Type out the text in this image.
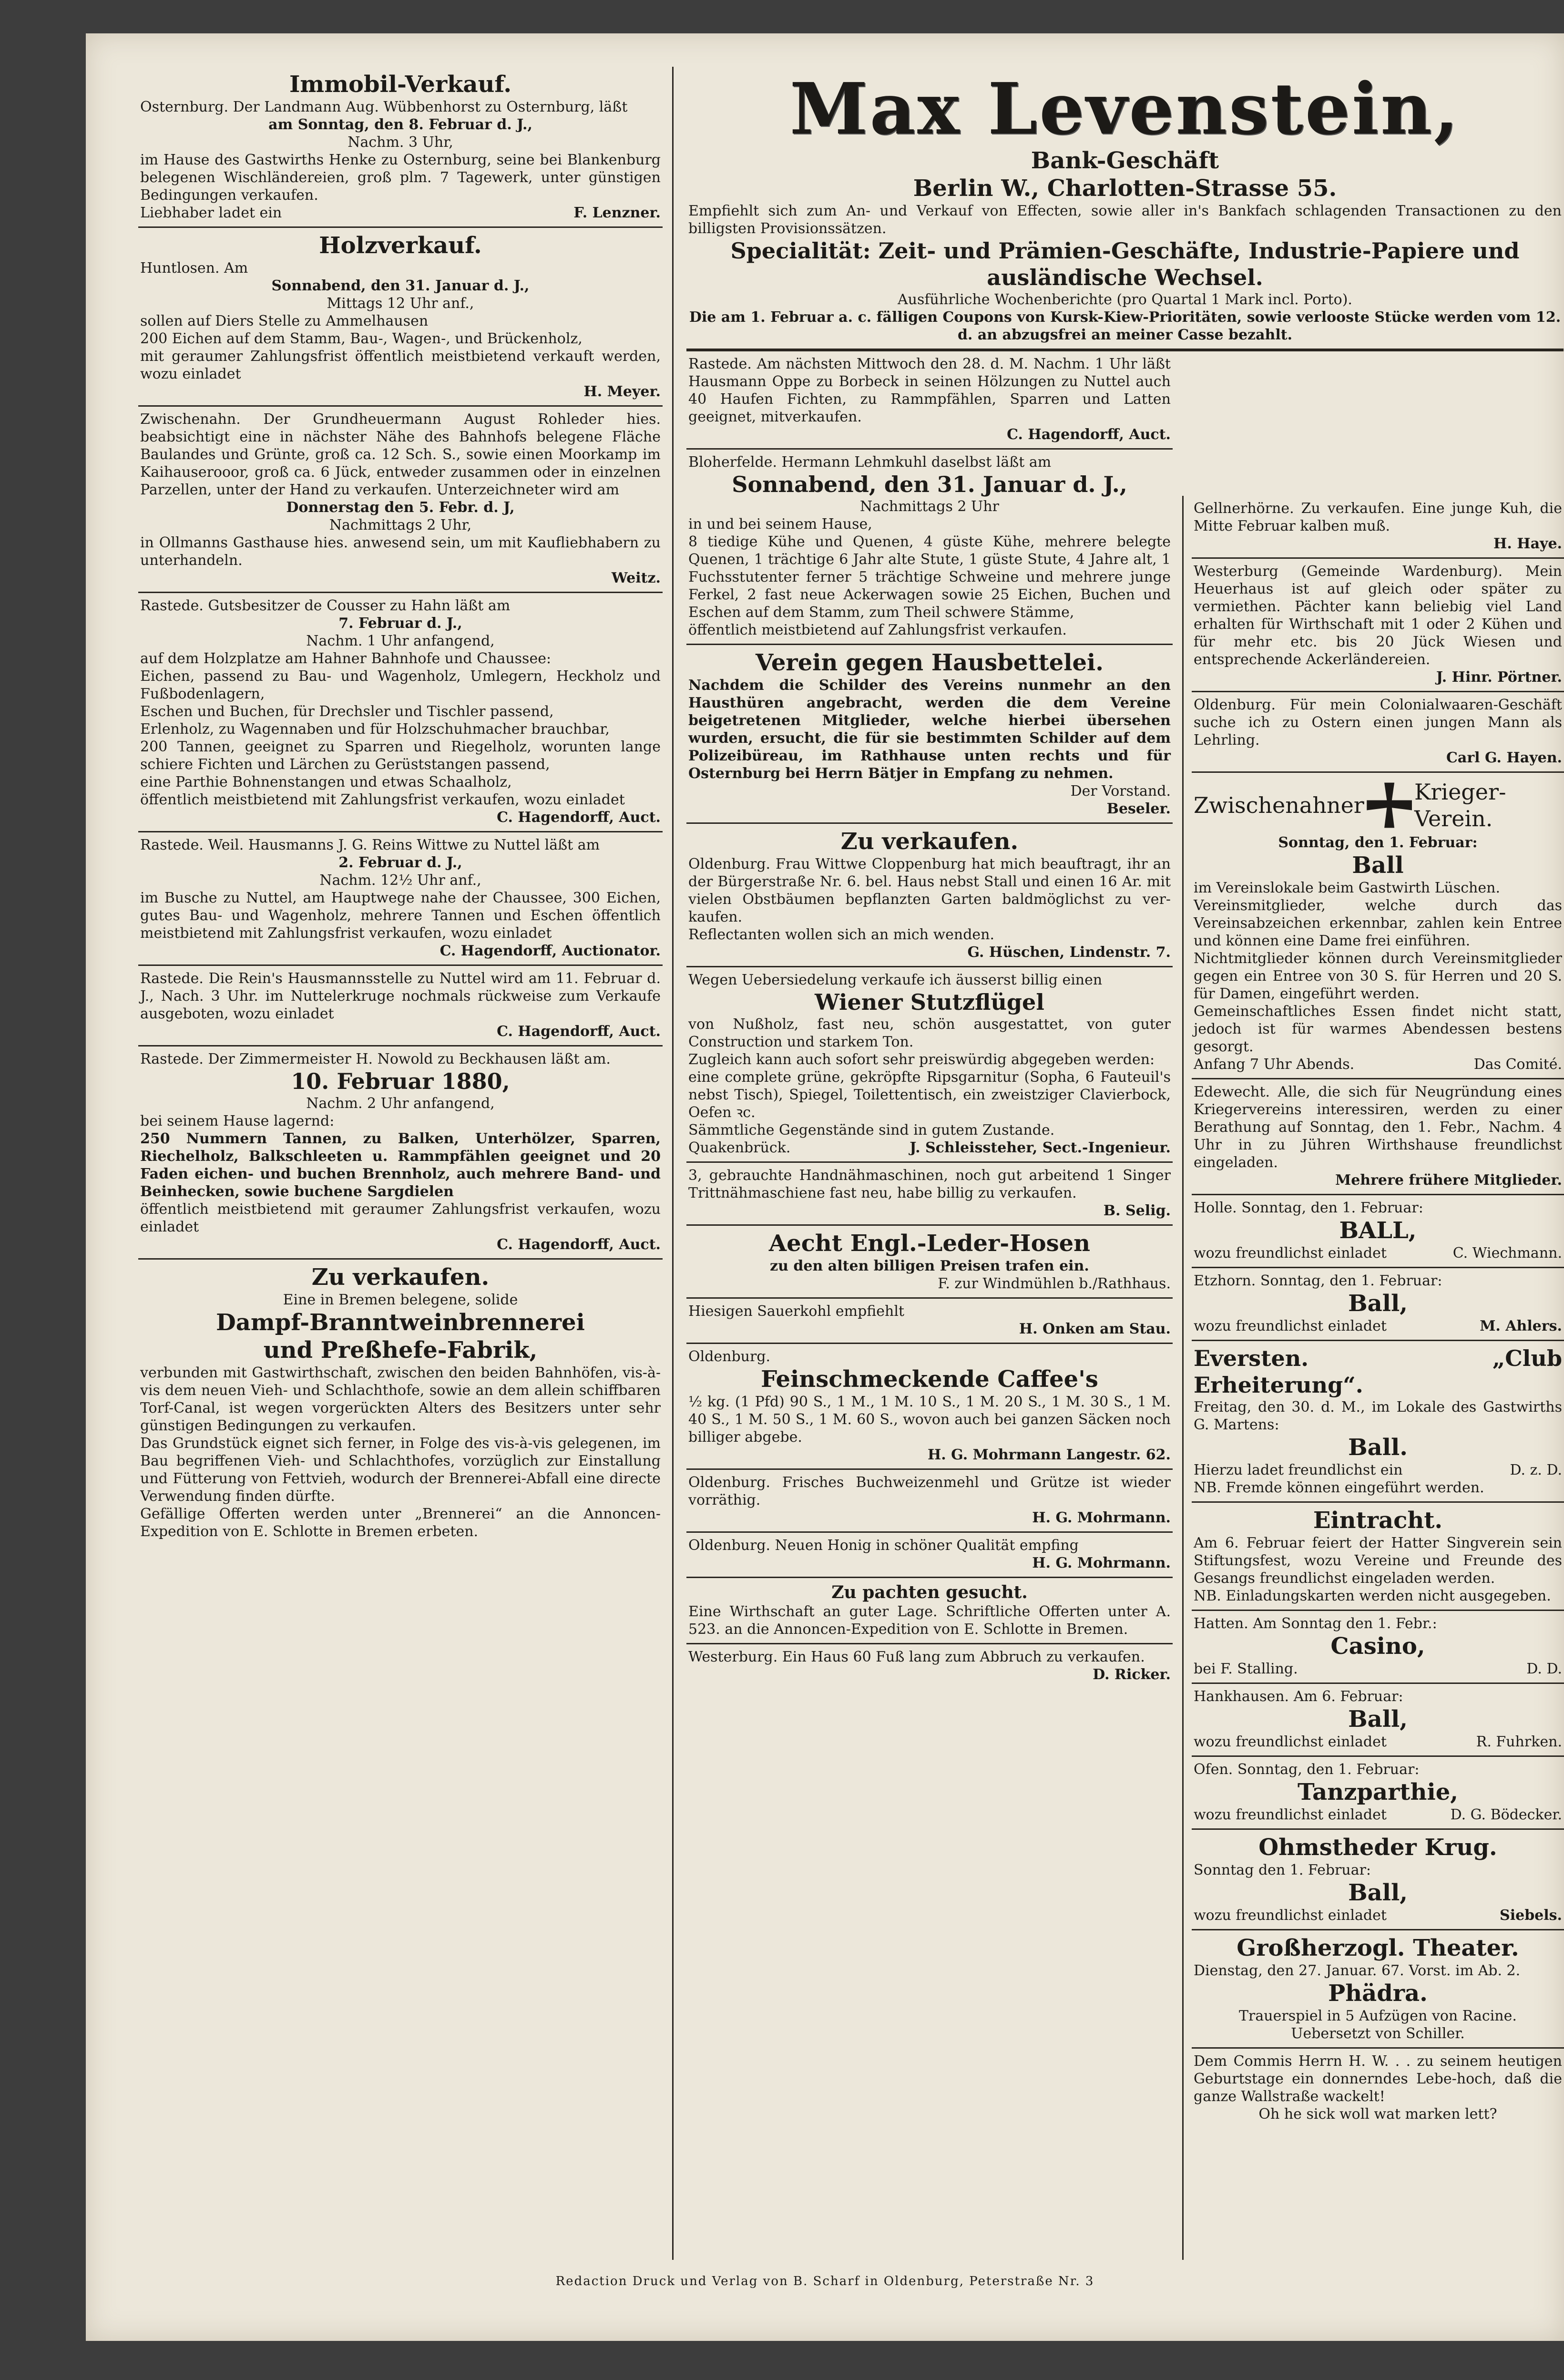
Immobil-Verkauf.

Osternburg. Der Landmann Aug. Wübbenhorst zu Osternburg, läßt

am Sonntag, den 8. Februar d. J.,

Nachm. 3 Uhr,

im Hause des Gastwirths Henke zu Osternburg, seine bei Blankenburg belegenen Wischländereien, groß plm. 7 Tagewerk, unter günstigen Bedingungen verkaufen.

Liebhaber ladet ein	F. Lenzner.

Holzverkauf.

Huntlosen. Am

Sonnabend, den 31. Januar d. J.,

Mittags 12 Uhr anf.,

sollen auf Diers Stelle zu Ammelhausen

200 Eichen auf dem Stamm, Bau-, Wagen-, und Brückenholz,

mit geraumer Zahlungsfrist öffentlich meistbietend verkauft werden, wozu einladet

H. Meyer.

Zwischenahn. Der Grundheuermann August Rohleder hies. beabsichtigt eine in nächster Nähe des Bahnhofs belegene Fläche Baulandes und Grünte, groß ca. 12 Sch. S., sowie einen Moorkamp im Kaihauserooor, groß ca. 6 Jück, entweder zusammen oder in einzelnen Parzellen, unter der Hand zu verkaufen. Unterzeichneter wird am

Donnerstag den 5. Febr. d. J,

Nachmittags 2 Uhr,

in Ollmanns Gasthause hies. anwesend sein, um mit Kaufliebhabern zu unterhandeln.

Weitz.

Rastede. Gutsbesitzer de Cousser zu Hahn läßt am

7. Februar d. J.,

Nachm. 1 Uhr anfangend,

auf dem Holzplatze am Hahner Bahnhofe und Chaussee:

Eichen, passend zu Bau- und Wagenholz, Umlegern, Heckholz und Fußbodenlagern,

Eschen und Buchen, für Drechsler und Tischler passend,

Erlenholz, zu Wagennaben und für Holzschuhmacher brauchbar,

200 Tannen, geeignet zu Sparren und Riegelholz, worunten lange schiere Fichten und Lärchen zu Gerüststangen passend,

eine Parthie Bohnenstangen und etwas Schaalholz,

öffentlich meistbietend mit Zahlungsfrist verkaufen, wozu einladet

C. Hagendorff, Auct.

Rastede. Weil. Hausmanns J. G. Reins Wittwe zu Nuttel läßt am

2. Februar d. J.,

Nachm. 12½ Uhr anf.,

im Busche zu Nuttel, am Hauptwege nahe der Chaussee, 300 Eichen, gutes Bau- und Wagenholz, mehrere Tannen und Eschen öffentlich meistbietend mit Zahlungsfrist verkaufen, wozu einladet

C. Hagendorff, Auctionator.

Rastede. Die Rein's Hausmannsstelle zu Nuttel wird am 11. Februar d. J., Nach. 3 Uhr. im Nuttelerkruge nochmals rückweise zum Verkaufe ausgeboten, wozu einladet

C. Hagendorff, Auct.

Rastede. Der Zimmermeister H. Nowold zu Beckhausen läßt am.

10. Februar 1880,

Nachm. 2 Uhr anfangend,

bei seinem Hause lagernd:

250 Nummern Tannen, zu Balken, Unterhölzer, Sparren, Riechelholz, Balkschleeten u. Rammpfählen geeignet und 20 Faden eichen- und buchen Brennholz, auch mehrere Band- und Beinhecken, sowie buchene Sargdielen

öffentlich meistbietend mit geraumer Zahlungsfrist verkaufen, wozu einladet

C. Hagendorff, Auct.

Zu verkaufen.

Eine in Bremen belegene, solide

Dampf-Branntweinbrennerei

und Preßhefe-Fabrik,

verbunden mit Gastwirthschaft, zwischen den beiden Bahnhöfen, vis-à-vis dem neuen Vieh- und Schlachthofe, sowie an dem allein schiffbaren Torf-Canal, ist wegen vorgerückten Alters des Besitzers unter sehr günstigen Bedingungen zu verkaufen.

Das Grundstück eignet sich ferner, in Folge des vis-à-vis gelegenen, im Bau begriffenen Vieh- und Schlachthofes, vorzüglich zur Einstallung und Fütterung von Fettvieh, wodurch der Brennerei-Abfall eine directe Verwendung finden dürfte.

Gefällige Offerten werden unter „Brennerei“ an die Annoncen-Expedition von E. Schlotte in Bremen erbeten.

Max Levenstein,

Bank-Geschäft

Berlin W., Charlotten-Strasse 55.

Empfiehlt sich zum An- und Verkauf von Effecten, sowie aller in's Bankfach schlagenden Transactionen zu den billigsten Provisionssätzen.

Specialität: Zeit- und Prämien-Geschäfte, Industrie-Papiere und ausländische Wechsel.

Ausführliche Wochenberichte (pro Quartal 1 Mark incl. Porto).

Die am 1. Februar a. c. fälligen Coupons von Kursk-Kiew-Prioritäten, sowie verlooste Stücke werden vom 12. d. an abzugsfrei an meiner Casse bezahlt.

Rastede. Am nächsten Mittwoch den 28. d. M. Nachm. 1 Uhr läßt Hausmann Oppe zu Borbeck in seinen Hölzungen zu Nuttel auch 40 Haufen Fichten, zu Rammpfählen, Sparren und Latten geeignet, mitverkaufen.

C. Hagendorff, Auct.

Bloherfelde. Hermann Lehmkuhl daselbst läßt am

Sonnabend, den 31. Januar d. J.,

Nachmittags 2 Uhr

in und bei seinem Hause,

8 tiedige Kühe und Quenen, 4 güste Kühe, mehrere belegte Quenen, 1 trächtige 6 Jahr alte Stute, 1 güste Stute, 4 Jahre alt, 1 Fuchsstutenter ferner 5 trächtige Schweine und mehrere junge Ferkel, 2 fast neue Ackerwagen sowie 25 Eichen, Buchen und Eschen auf dem Stamm, zum Theil schwere Stämme,

öffentlich meistbietend auf Zahlungsfrist verkaufen.

Verein gegen Hausbettelei.

Nachdem die Schilder des Vereins nunmehr an den Hausthüren angebracht, werden die dem Vereine beigetretenen Mitglieder, welche hierbei übersehen wurden, ersucht, die für sie bestimmten Schilder auf dem Polizeibüreau, im Rathhause unten rechts und für Osternburg bei Herrn Bätjer in Empfang zu nehmen.

Der Vorstand.

Beseler.

Zu verkaufen.

Oldenburg. Frau Wittwe Cloppenburg hat mich beauftragt, ihr an der Bürgerstraße Nr. 6. bel. Haus nebst Stall und einen 16 Ar. mit vielen Obstbäumen bepflanzten Garten baldmöglichst zu verkaufen.

Reflectanten wollen sich an mich wenden.

G. Hüschen, Lindenstr. 7.

Wegen Uebersiedelung verkaufe ich äusserst billig einen

Wiener Stutzflügel

von Nußholz, fast neu, schön ausgestattet, von guter Construction und starkem Ton.

Zugleich kann auch sofort sehr preiswürdig abgegeben werden:

eine complete grüne, gekröpfte Ripsgarnitur (Sopha, 6 Fauteuil's nebst Tisch), Spiegel, Toilettentisch, ein zweistziger Clavierbock, Oefen ꝛc.

Sämmtliche Gegenstände sind in gutem Zustande.

Quakenbrück.	J. Schleissteher, Sect.-Ingenieur.

3, gebrauchte Handnähmaschinen, noch gut arbeitend 1 Singer Trittnähmaschiene fast neu, habe billig zu verkaufen.

B. Selig.

Aecht Engl.-Leder-Hosen

zu den alten billigen Preisen trafen ein.

F. zur Windmühlen b./Rathhaus.

Hiesigen Sauerkohl empfiehlt

H. Onken am Stau.

Oldenburg.

Feinschmeckende Caffee's

½ kg. (1 Pfd) 90 S., 1 M., 1 M. 10 S., 1 M. 20 S., 1 M. 30 S., 1 M. 40 S., 1 M. 50 S., 1 M. 60 S., wovon auch bei ganzen Säcken noch billiger abgebe.

H. G. Mohrmann Langestr. 62.

Oldenburg. Frisches Buchweizenmehl und Grütze ist wieder vorräthig.

H. G. Mohrmann.

Oldenburg. Neuen Honig in schöner Qualität empfing

H. G. Mohrmann.

Zu pachten gesucht.

Eine Wirthschaft an guter Lage. Schriftliche Offerten unter A. 523. an die Annoncen-Expedition von E. Schlotte in Bremen.

Westerburg. Ein Haus 60 Fuß lang zum Abbruch zu verkaufen.

D. Ricker.

Gellnerhörne. Zu verkaufen. Eine junge Kuh, die Mitte Februar kalben muß.

H. Haye.

Westerburg (Gemeinde Wardenburg). Mein Heuerhaus ist auf gleich oder später zu vermiethen. Pächter kann beliebig viel Land erhalten für Wirthschaft mit 1 oder 2 Kühen und für mehr etc. bis 20 Jück Wiesen und entsprechende Ackerländereien.

J. Hinr. Pörtner.

Oldenburg. Für mein Colonialwaaren-Geschäft suche ich zu Ostern einen jungen Mann als Lehrling.

Carl G. Hayen.

Zwischenahner
Krieger-Verein.

Sonntag, den 1. Februar:

Ball

im Vereinslokale beim Gastwirth Lüschen.

Vereinsmitglieder, welche durch das Vereinsabzeichen erkennbar, zahlen kein Entree und können eine Dame frei einführen.

Nichtmitglieder können durch Vereinsmitglieder gegen ein Entree von 30 S. für Herren und 20 S. für Damen, eingeführt werden.

Gemeinschaftliches Essen findet nicht statt, jedoch ist für warmes Abendessen bestens gesorgt.

Anfang 7 Uhr Abends.	Das Comité.

Edewecht. Alle, die sich für Neugründung eines Kriegervereins interessiren, werden zu einer Berathung auf Sonntag, den 1. Febr., Nachm. 4 Uhr in zu Jühren Wirthshause freundlichst eingeladen.

Mehrere frühere Mitglieder.

Holle. Sonntag, den 1. Februar:

BALL,

wozu freundlichst einladet	C. Wiechmann.

Etzhorn. Sonntag, den 1. Februar:

Ball,

wozu freundlichst einladet	M. Ahlers.

Eversten. „Club Erheiterung“.

Freitag, den 30. d. M., im Lokale des Gastwirths G. Martens:

Ball.

Hierzu ladet freundlichst ein	D. z. D.

NB. Fremde können eingeführt werden.

Eintracht.

Am 6. Februar feiert der Hatter Singverein sein Stiftungsfest, wozu Vereine und Freunde des Gesangs freundlichst eingeladen werden.

NB. Einladungskarten werden nicht ausgegeben.

Hatten. Am Sonntag den 1. Febr.:

Casino,

bei F. Stalling.	D. D.

Hankhausen. Am 6. Februar:

Ball,

wozu freundlichst einladet	R. Fuhrken.

Ofen. Sonntag, den 1. Februar:

Tanzparthie,

wozu freundlichst einladet	D. G. Bödecker.

Ohmstheder Krug.

Sonntag den 1. Februar:

Ball,

wozu freundlichst einladet	Siebels.

Großherzogl. Theater.

Dienstag, den 27. Januar. 67. Vorst. im Ab. 2.

Phädra.

Trauerspiel in 5 Aufzügen von Racine.

Uebersetzt von Schiller.

Dem Commis Herrn H. W. . . zu seinem heutigen Geburtstage ein donnerndes Lebe-hoch, daß die ganze Wallstraße wackelt!

Oh he sick woll wat marken lett?

Redaction Druck und Verlag von B. Scharf in Oldenburg, Peterstraße Nr. 3
